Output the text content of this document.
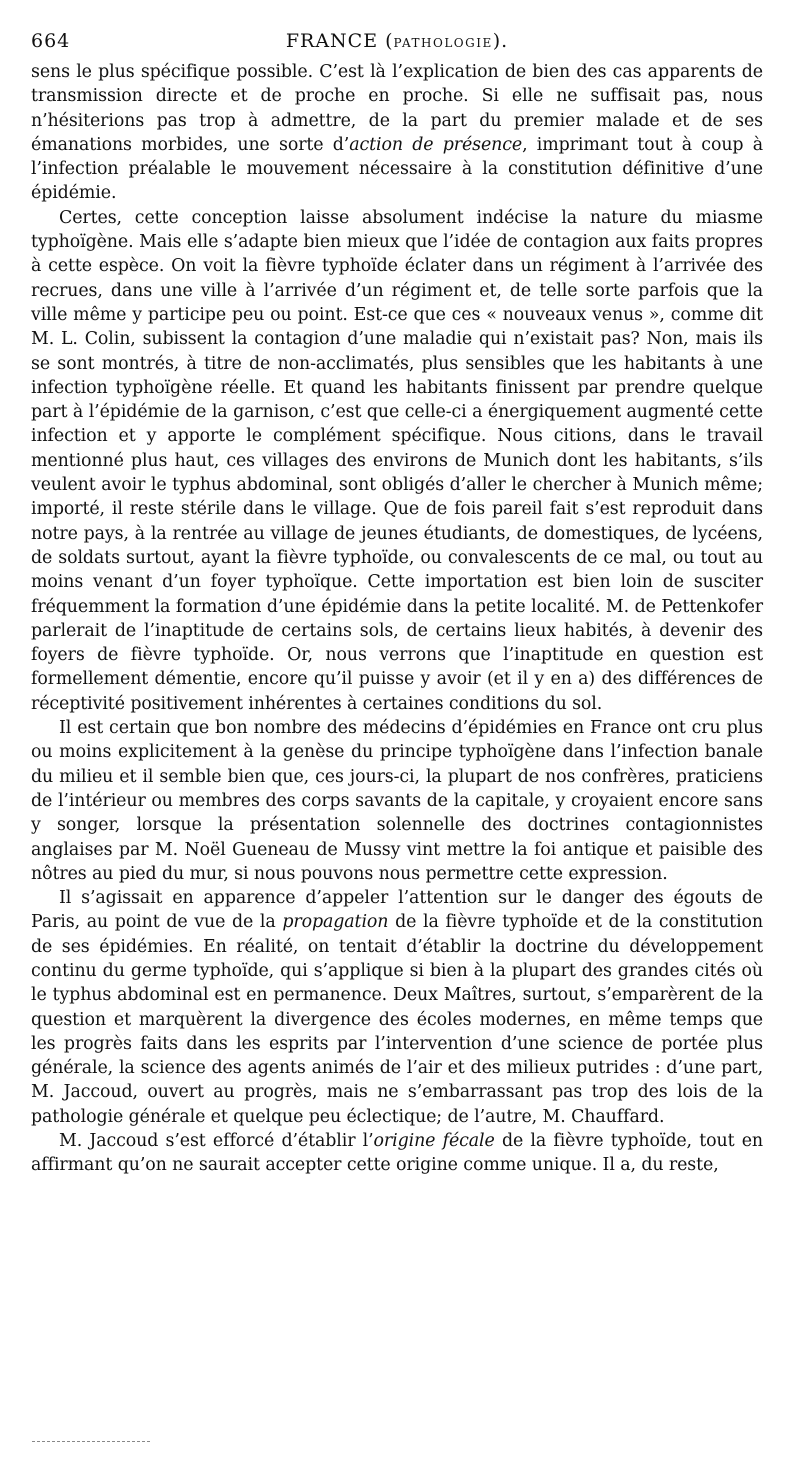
664	FRANCE (PATHOLOGIE).

sens le plus spécifique possible. C’est là l’explication de bien des cas apparents de transmission directe et de proche en proche. Si elle ne suffisait pas, nous n’hésiterions pas trop à admettre, de la part du premier malade et de ses émanations morbides, une sorte d’action de présence, imprimant tout à coup à l’infection préalable le mouvement nécessaire à la constitution définitive d’une épidémie.

Certes, cette conception laisse absolument indécise la nature du miasme typhoïgène. Mais elle s’adapte bien mieux que l’idée de contagion aux faits propres à cette espèce. On voit la fièvre typhoïde éclater dans un régiment à l’arrivée des recrues, dans une ville à l’arrivée d’un régiment et, de telle sorte parfois que la ville même y participe peu ou point. Est-ce que ces « nouveaux venus », comme dit M. L. Colin, subissent la contagion d’une maladie qui n’existait pas? Non, mais ils se sont montrés, à titre de non-acclimatés, plus sensibles que les habitants à une infection typhoïgène réelle. Et quand les habitants finissent par prendre quelque part à l’épidémie de la garnison, c’est que celle-ci a énergiquement augmenté cette infection et y apporte le complément spécifique. Nous citions, dans le travail mentionné plus haut, ces villages des environs de Munich dont les habitants, s’ils veulent avoir le typhus abdominal, sont obligés d’aller le chercher à Munich même; importé, il reste stérile dans le village. Que de fois pareil fait s’est reproduit dans notre pays, à la rentrée au village de jeunes étudiants, de domestiques, de lycéens, de soldats surtout, ayant la fièvre typhoïde, ou convalescents de ce mal, ou tout au moins venant d’un foyer typhoïque. Cette importation est bien loin de susciter fréquemment la formation d’une épidémie dans la petite localité. M. de Pettenkofer parlerait de l’inaptitude de certains sols, de certains lieux habités, à devenir des foyers de fièvre typhoïde. Or, nous verrons que l’inaptitude en question est formellement démentie, encore qu’il puisse y avoir (et il y en a) des différences de réceptivité positivement inhérentes à certaines conditions du sol.

Il est certain que bon nombre des médecins d’épidémies en France ont cru plus ou moins explicitement à la genèse du principe typhoïgène dans l’infection banale du milieu et il semble bien que, ces jours-ci, la plupart de nos confrères, praticiens de l’intérieur ou membres des corps savants de la capitale, y croyaient encore sans y songer, lorsque la présentation solennelle des doctrines contagionnistes anglaises par M. Noël Gueneau de Mussy vint mettre la foi antique et paisible des nôtres au pied du mur, si nous pouvons nous permettre cette expression.

Il s’agissait en apparence d’appeler l’attention sur le danger des égouts de Paris, au point de vue de la propagation de la fièvre typhoïde et de la constitution de ses épidémies. En réalité, on tentait d’établir la doctrine du développement continu du germe typhoïde, qui s’applique si bien à la plupart des grandes cités où le typhus abdominal est en permanence. Deux Maîtres, surtout, s’emparèrent de la question et marquèrent la divergence des écoles modernes, en même temps que les progrès faits dans les esprits par l’intervention d’une science de portée plus générale, la science des agents animés de l’air et des milieux putrides : d’une part, M. Jaccoud, ouvert au progrès, mais ne s’embarrassant pas trop des lois de la pathologie générale et quelque peu éclectique; de l’autre, M. Chauffard.

M. Jaccoud s’est efforcé d’établir l’origine fécale de la fièvre typhoïde, tout en affirmant qu’on ne saurait accepter cette origine comme unique. Il a, du reste,
